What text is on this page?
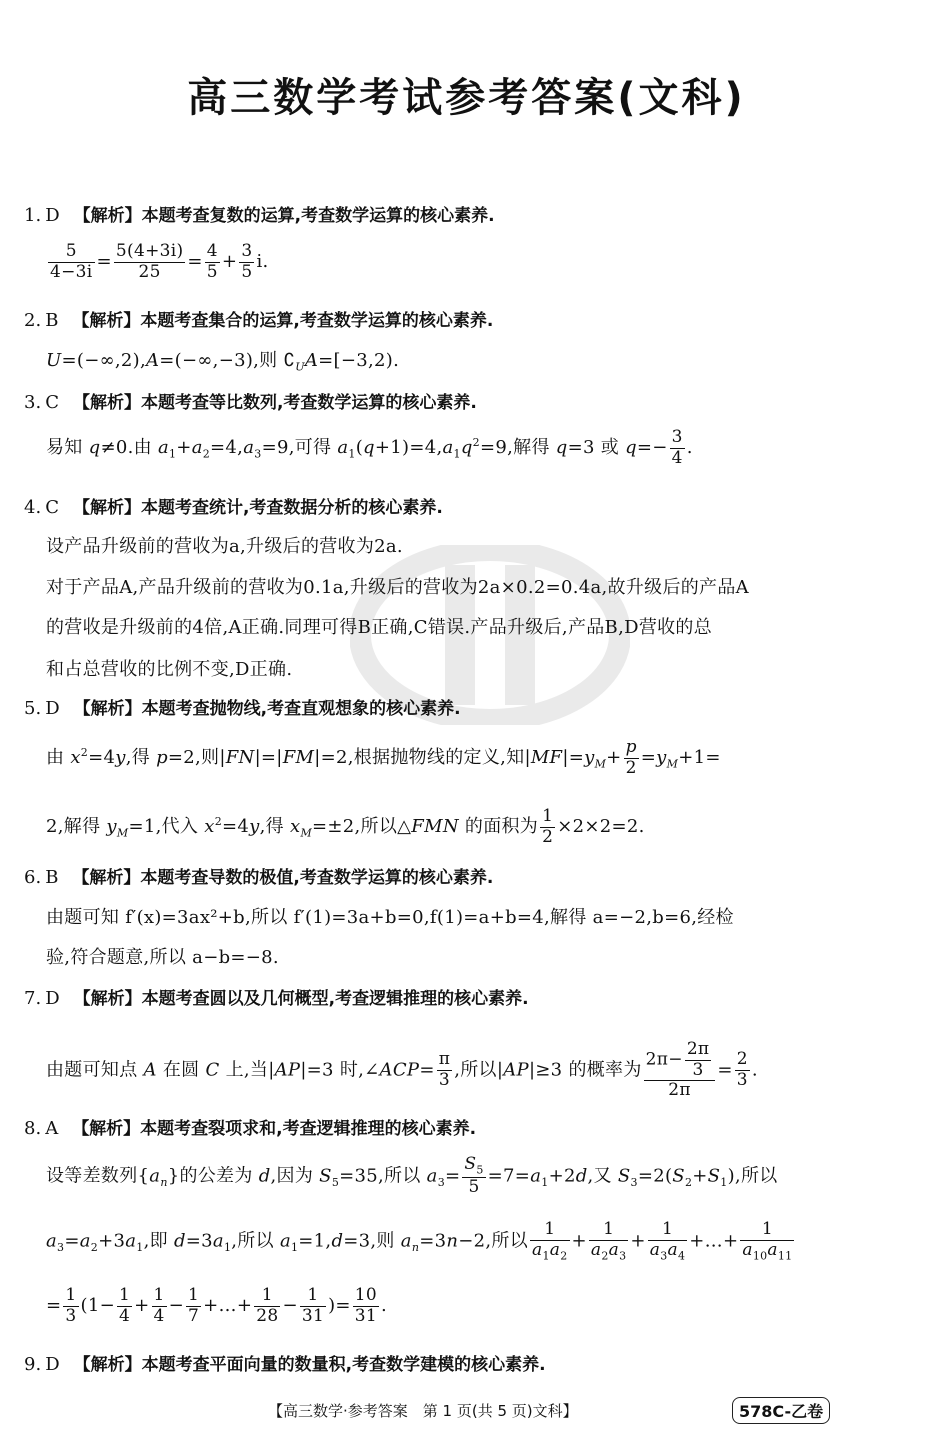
高三数学考试参考答案(文科)
1. D 【解析】本题考查复数的运算,考查数学运算的核心素养.
$\frac{5}{4-3i} = \frac{5(4+3i)}{25} = \frac{4}{5} + \frac{3}{5} i$.
2. B 【解析】本题考查集合的运算,考查数学运算的核心素养.
U=(−∞,2),A=(−∞,−3),则 $∁_UA=[-3,2)$.
3. C 【解析】本题考查等比数列,考查数学运算的核心素养.
易知 q≠0.由 $a_1+a_2=4,a_3=9$,可得 $a_1(q+1)=4,a_1q^2=9$,解得 q=3 或 $q=- \frac{3}{4}$ .
4. C 【解析】本题考查统计,考查数据分析的核心素养.
设产品升级前的营收为a,升级后的营收为2a.
对于产品A,产品升级前的营收为0.1a,升级后的营收为2a×0.2=0.4a,故升级后的产品A
的营收是升级前的4倍,A正确.同理可得B正确,C错误.产品升级后,产品B,D营收的总
和占总营收的比例不变,D正确.
5. D 【解析】本题考查抛物线,考查直观想象的核心素养.
由 $x^2=4y$,得 p=2,则|FN|=|FM|=2,根据抛物线的定义,知$|MF|=y_M+ \frac{p}{2} =y_M+1=$
2,解得 $y_M=1$,代入 $x^2=4y$,得 $x_M=\pm 2$,所以△FMN 的面积为 $\frac{1}{2} \times 2\times 2=2$.
6. B 【解析】本题考查导数的极值,考查数学运算的核心素养.
由题可知 f′(x)=3ax²+b,所以 f′(1)=3a+b=0,f(1)=a+b=4,解得 a=−2,b=6,经检
验,符合题意,所以 a−b=−8.
7. D 【解析】本题考查圆以及几何概型,考查逻辑推理的核心素养.
由题可知点 A 在圆 C 上,当|AP|=3 时,∠ACP= $\frac{\pi}{3}$ ,所以|AP|≥3 的概率为 $\frac{2\pi- \frac{2\pi}{3}}{2\pi} = \frac{2}{3}$ .
8. A 【解析】本题考查裂项求和,考查逻辑推理的核心素养.
设等差数列$\{a_n\}$的公差为 d,因为 $S_5=35$,所以 $a_3= \frac{S_5}{5} =7=a_1+2d$,又 $S_3=2(S_2+S_1)$,所以
$a_3=a_2+3a_1$,即 $d=3a_1$,所以 $a_1=1,d=3$,则 $a_n=3n-2$,所以 $\frac{1}{a_1a_2} + \frac{1}{a_2a_3} + \frac{1}{a_3a_4}$ +…+ $\frac{1}{a_{10}a_{11}}$
= $\frac{1}{3} (1- \frac{1}{4} + \frac{1}{4} - \frac{1}{7}$ +…+ $\frac{1}{28} - \frac{1}{31}$ )= $\frac{10}{31}$ .
9. D 【解析】本题考查平面向量的数量积,考查数学建模的核心素养.
【高三数学·参考答案　第 1 页(共 5 页)文科】	578C-乙卷
